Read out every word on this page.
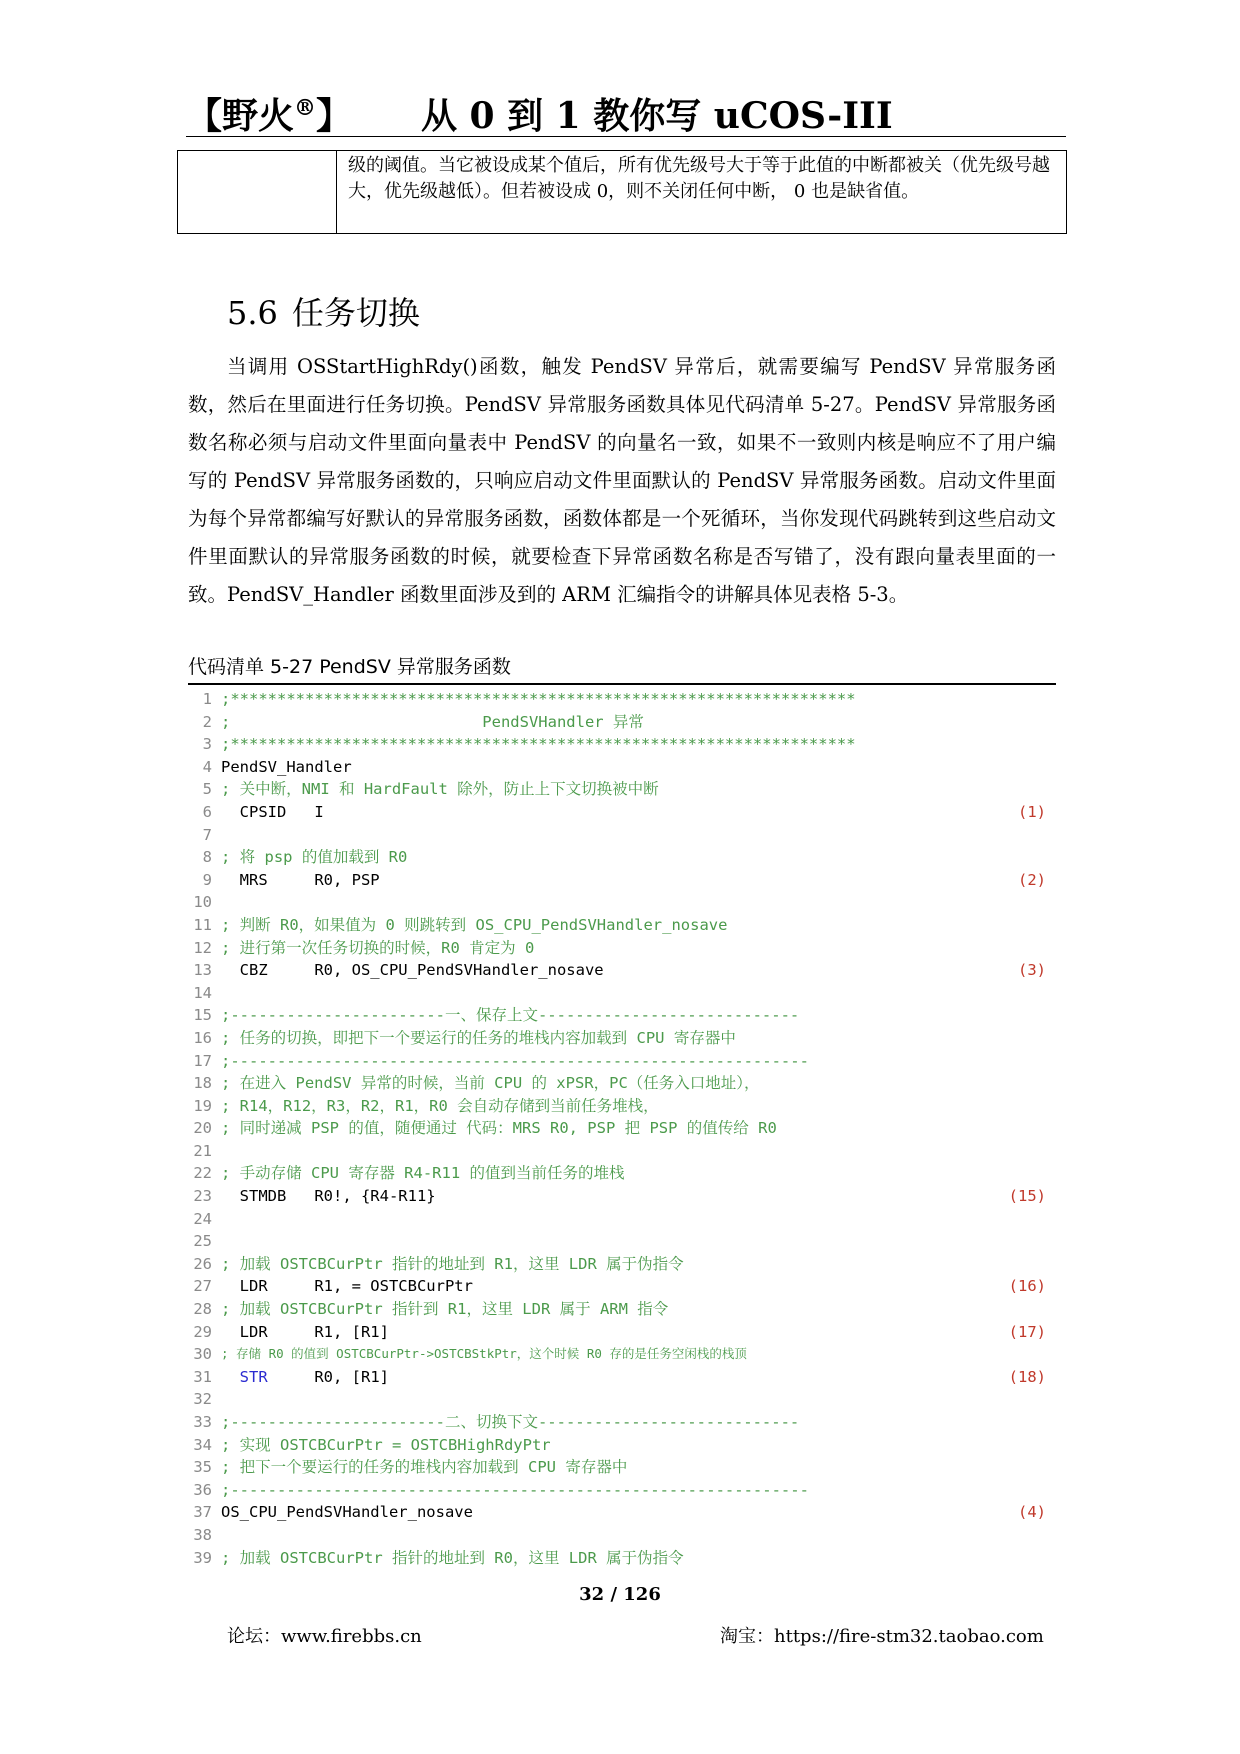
【野火®】 从 0 到 1 教你写 uCOS-III
级的阈值。当它被设成某个值后，所有优先级号大于等于此值的中断都被关（优先级号越大，优先级越低）。但若被设成 0，则不关闭任何中断， 0 也是缺省值。
5.6 任务切换

当调用 OSStartHighRdy()函数，触发 PendSV 异常后，就需要编写 PendSV 异常服务函数，然后在里面进行任务切换。PendSV 异常服务函数具体见代码清单 5-27。PendSV 异常服务函数名称必须与启动文件里面向量表中 PendSV 的向量名一致，如果不一致则内核是响应不了用户编写的 PendSV 异常服务函数的，只响应启动文件里面默认的 PendSV 异常服务函数。启动文件里面为每个异常都编写好默认的异常服务函数，函数体都是一个死循环，当你发现代码跳转到这些启动文件里面默认的异常服务函数的时候，就要检查下异常函数名称是否写错了，没有跟向量表里面的一致。PendSV_Handler 函数里面涉及到的 ARM 汇编指令的讲解具体见表格 5-3。

代码清单 5-27 PendSV 异常服务函数
1 ;*******************************************************************
2 ;                           PendSVHandler 异常
3 ;*******************************************************************
4 PendSV_Handler
5 ; 关中断，NMI 和 HardFault 除外，防止上下文切换被中断
6 CPSID   I	(1)
7
8 ; 将 psp 的值加载到 R0
9 MRS     R0, PSP	(2)
10
11 ; 判断 R0，如果值为 0 则跳转到 OS_CPU_PendSVHandler_nosave
12 ; 进行第一次任务切换的时候，R0 肯定为 0
13 CBZ     R0, OS_CPU_PendSVHandler_nosave	(3)
14
15 ;-----------------------一、保存上文----------------------------
16 ; 任务的切换，即把下一个要运行的任务的堆栈内容加载到 CPU 寄存器中
17 ;--------------------------------------------------------------
18 ; 在进入 PendSV 异常的时候，当前 CPU 的 xPSR，PC（任务入口地址），
19 ; R14，R12，R3，R2，R1，R0 会自动存储到当前任务堆栈，
20 ; 同时递减 PSP 的值，随便通过 代码：MRS R0, PSP 把 PSP 的值传给 R0
21
22 ; 手动存储 CPU 寄存器 R4-R11 的值到当前任务的堆栈
23 STMDB   R0!, {R4-R11}	(15)
24
25
26 ; 加载 OSTCBCurPtr 指针的地址到 R1，这里 LDR 属于伪指令
27 LDR     R1, = OSTCBCurPtr	(16)
28 ; 加载 OSTCBCurPtr 指针到 R1，这里 LDR 属于 ARM 指令
29 LDR     R1, [R1]	(17)
30 ; 存储 R0 的值到 OSTCBCurPtr->OSTCBStkPtr，这个时候 R0 存的是任务空闲栈的栈顶
31	STR     R0, [R1]	(18)
32
33 ;-----------------------二、切换下文----------------------------
34 ; 实现 OSTCBCurPtr = OSTCBHighRdyPtr
35 ; 把下一个要运行的任务的堆栈内容加载到 CPU 寄存器中
36 ;--------------------------------------------------------------
37 OS_CPU_PendSVHandler_nosave	(4)
38
39 ; 加载 OSTCBCurPtr 指针的地址到 R0，这里 LDR 属于伪指令
32 / 126
论坛：www.firebbs.cn	淘宝：https://fire-stm32.taobao.com
